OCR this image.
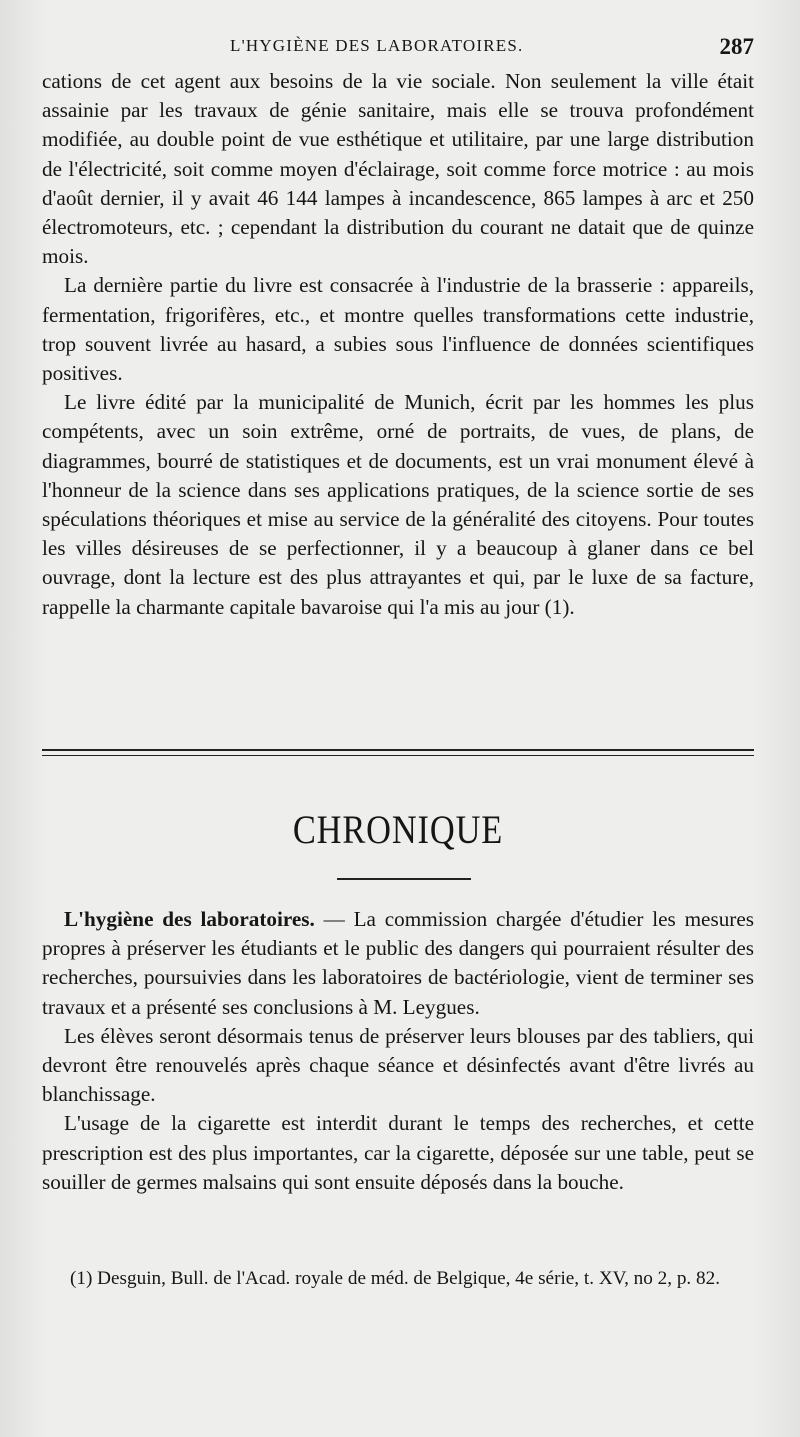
L'HYGIÈNE DES LABORATOIRES.	287

cations de cet agent aux besoins de la vie sociale. Non seulement la ville était assainie par les travaux de génie sanitaire, mais elle se trouva profondément modifiée, au double point de vue esthétique et utilitaire, par une large distribution de l'électricité, soit comme moyen d'éclairage, soit comme force motrice : au mois d'août dernier, il y avait 46 144 lampes à incandescence, 865 lampes à arc et 250 électromoteurs, etc. ; cependant la distribution du courant ne datait que de quinze mois.

La dernière partie du livre est consacrée à l'industrie de la brasserie : appareils, fermentation, frigorifères, etc., et montre quelles transformations cette industrie, trop souvent livrée au hasard, a subies sous l'influence de données scientifiques positives.

Le livre édité par la municipalité de Munich, écrit par les hommes les plus compétents, avec un soin extrême, orné de portraits, de vues, de plans, de diagrammes, bourré de statistiques et de documents, est un vrai monument élevé à l'honneur de la science dans ses applications pratiques, de la science sortie de ses spéculations théoriques et mise au service de la généralité des citoyens. Pour toutes les villes désireuses de se perfectionner, il y a beaucoup à glaner dans ce bel ouvrage, dont la lecture est des plus attrayantes et qui, par le luxe de sa facture, rappelle la charmante capitale bavaroise qui l'a mis au jour (1).

CHRONIQUE

L'hygiène des laboratoires. — La commission chargée d'étudier les mesures propres à préserver les étudiants et le public des dangers qui pourraient résulter des recherches, poursuivies dans les laboratoires de bactériologie, vient de terminer ses travaux et a présenté ses conclusions à M. Leygues.

Les élèves seront désormais tenus de préserver leurs blouses par des tabliers, qui devront être renouvelés après chaque séance et désinfectés avant d'être livrés au blanchissage.

L'usage de la cigarette est interdit durant le temps des recherches, et cette prescription est des plus importantes, car la cigarette, déposée sur une table, peut se souiller de germes malsains qui sont ensuite déposés dans la bouche.

(1) Desguin, Bull. de l'Acad. royale de méd. de Belgique, 4e série, t. XV, no 2, p. 82.
